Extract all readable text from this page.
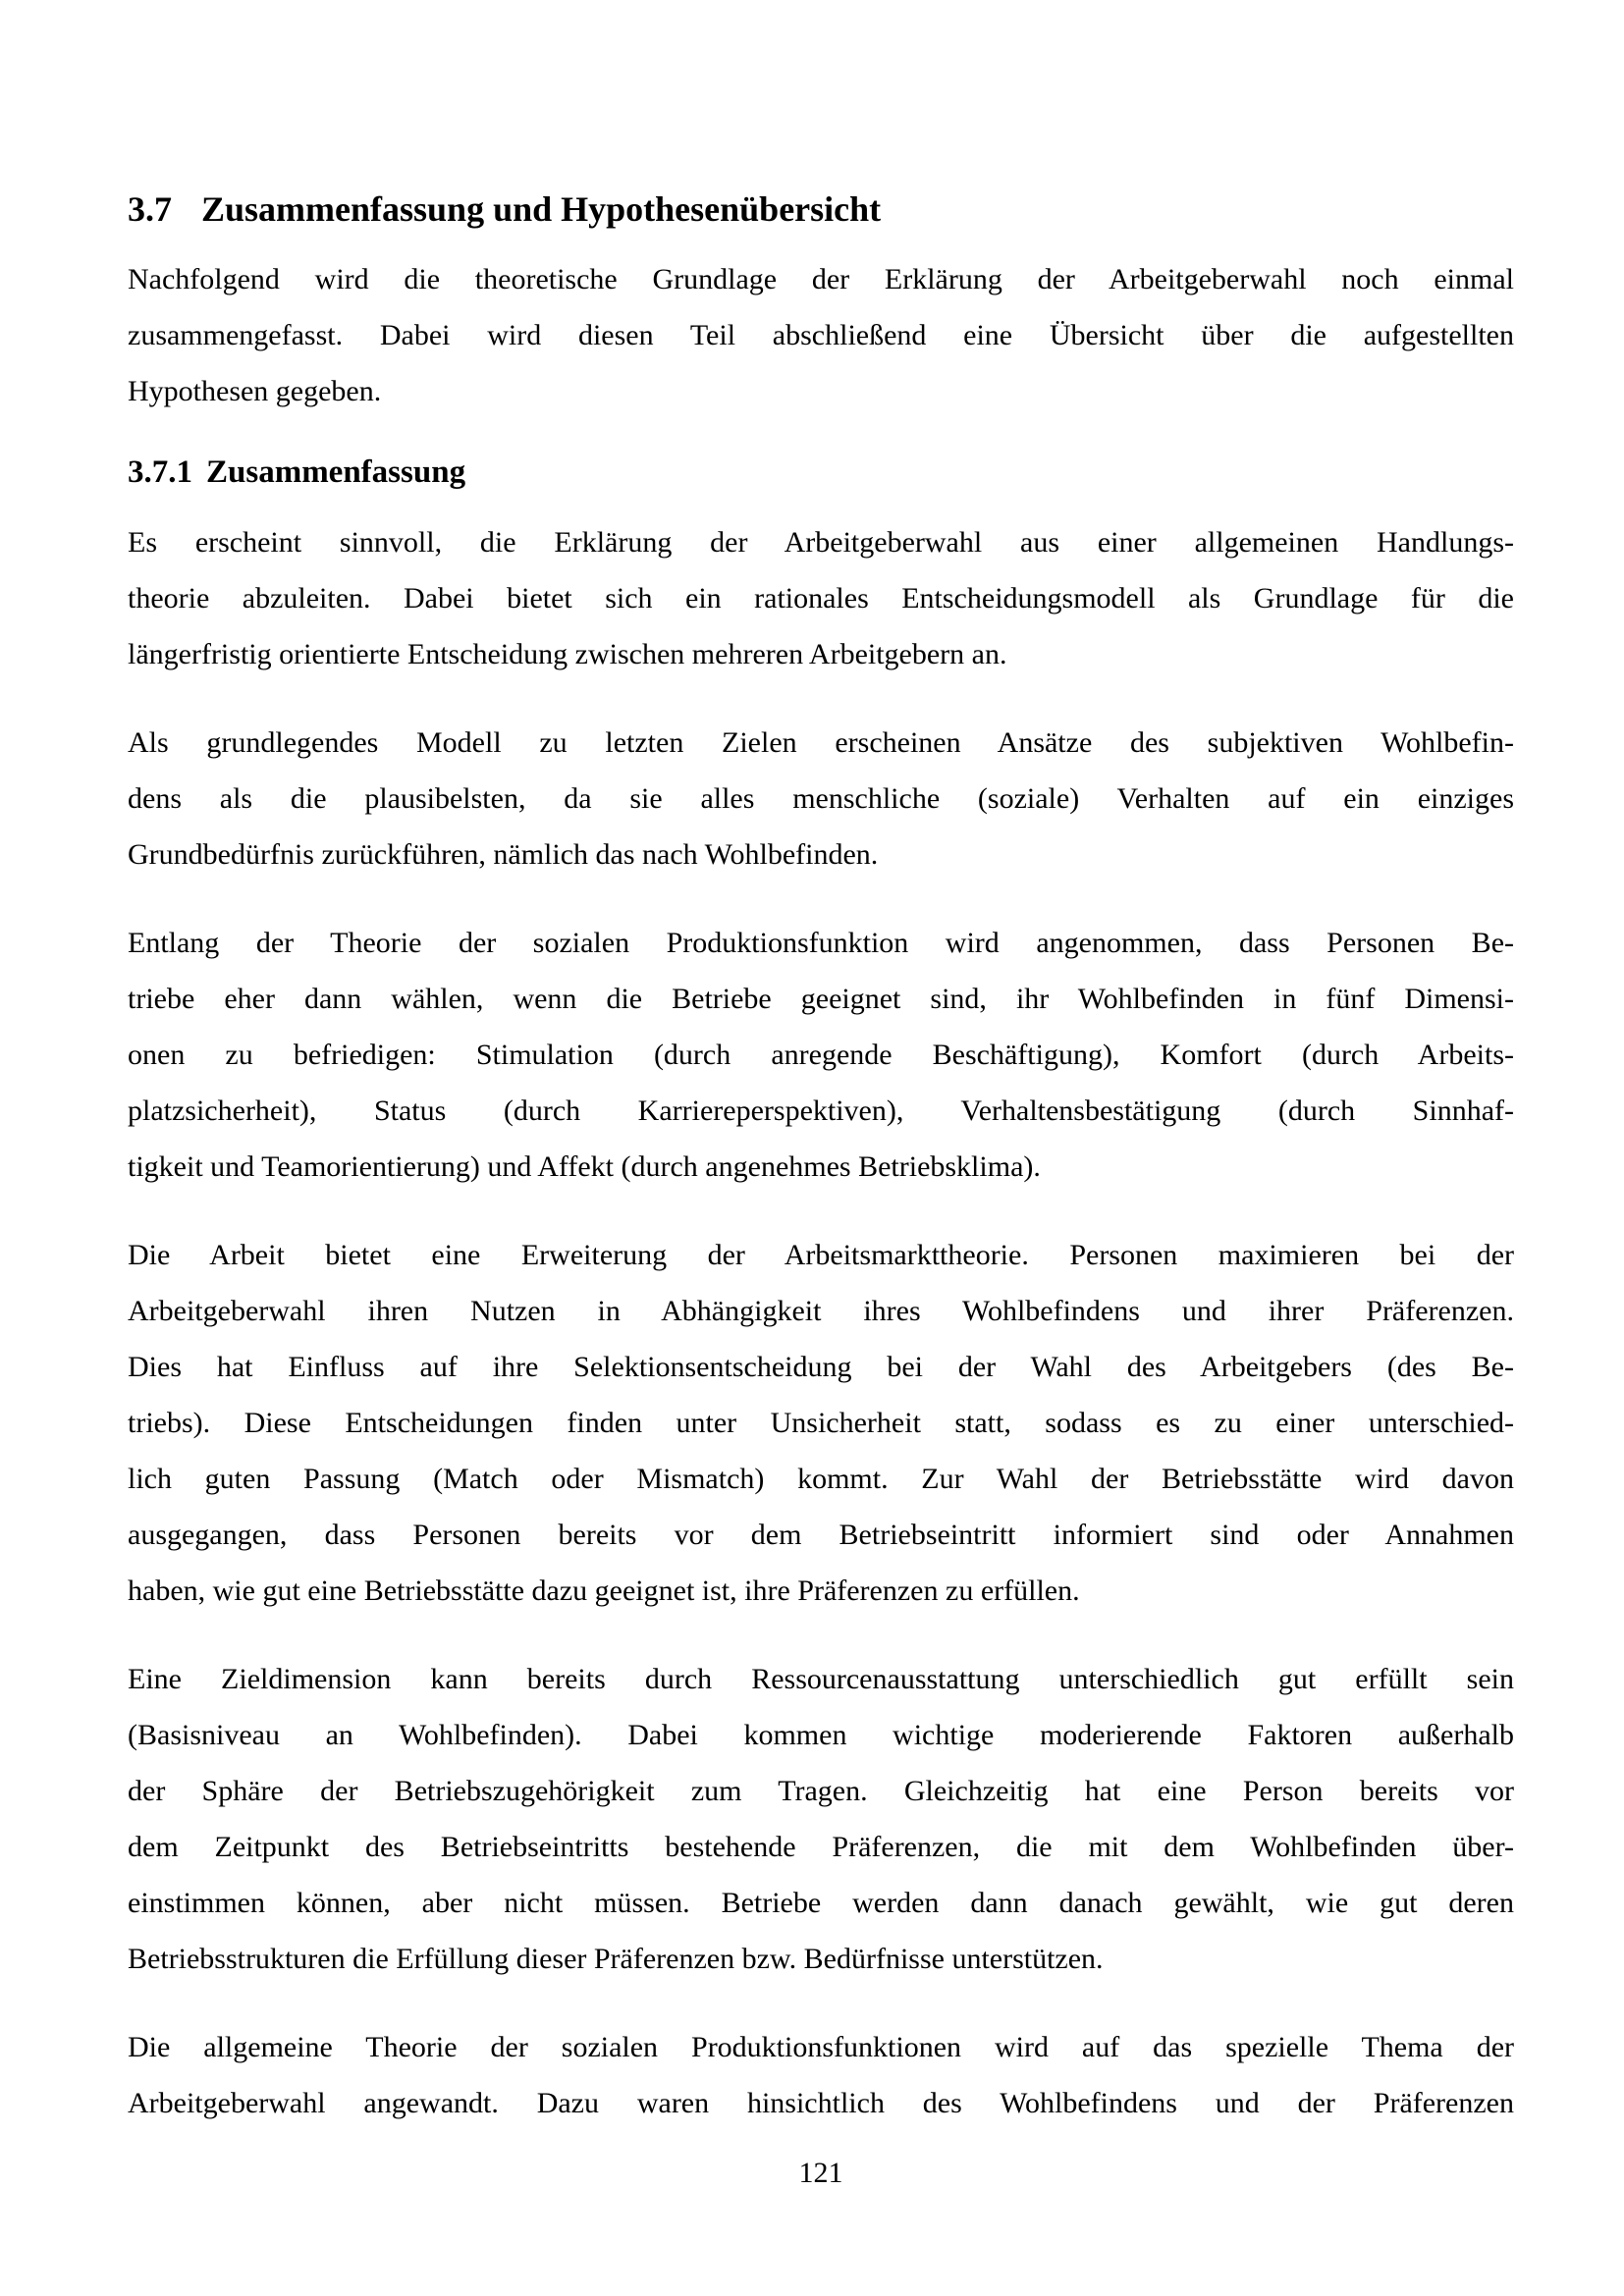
3.7 Zusammenfassung und Hypothesenübersicht
Nachfolgend wird die theoretische Grundlage der Erklärung der Arbeitgeberwahl noch einmal
zusammengefasst. Dabei wird diesen Teil abschließend eine Übersicht über die aufgestellten
Hypothesen gegeben.
3.7.1 Zusammenfassung
Es erscheint sinnvoll, die Erklärung der Arbeitgeberwahl aus einer allgemeinen Handlungs-
theorie abzuleiten. Dabei bietet sich ein rationales Entscheidungsmodell als Grundlage für die
längerfristig orientierte Entscheidung zwischen mehreren Arbeitgebern an.
Als grundlegendes Modell zu letzten Zielen erscheinen Ansätze des subjektiven Wohlbefin-
dens als die plausibelsten, da sie alles menschliche (soziale) Verhalten auf ein einziges
Grundbedürfnis zurückführen, nämlich das nach Wohlbefinden.
Entlang der Theorie der sozialen Produktionsfunktion wird angenommen, dass Personen Be-
triebe eher dann wählen, wenn die Betriebe geeignet sind, ihr Wohlbefinden in fünf Dimensi-
onen zu befriedigen: Stimulation (durch anregende Beschäftigung), Komfort (durch Arbeits-
platzsicherheit), Status (durch Karriereperspektiven), Verhaltensbestätigung (durch Sinnhaf-
tigkeit und Teamorientierung) und Affekt (durch angenehmes Betriebsklima).
Die Arbeit bietet eine Erweiterung der Arbeitsmarkttheorie. Personen maximieren bei der
Arbeitgeberwahl ihren Nutzen in Abhängigkeit ihres Wohlbefindens und ihrer Präferenzen.
Dies hat Einfluss auf ihre Selektionsentscheidung bei der Wahl des Arbeitgebers (des Be-
triebs). Diese Entscheidungen finden unter Unsicherheit statt, sodass es zu einer unterschied-
lich guten Passung (Match oder Mismatch) kommt. Zur Wahl der Betriebsstätte wird davon
ausgegangen, dass Personen bereits vor dem Betriebseintritt informiert sind oder Annahmen
haben, wie gut eine Betriebsstätte dazu geeignet ist, ihre Präferenzen zu erfüllen.
Eine Zieldimension kann bereits durch Ressourcenausstattung unterschiedlich gut erfüllt sein
(Basisniveau an Wohlbefinden). Dabei kommen wichtige moderierende Faktoren außerhalb
der Sphäre der Betriebszugehörigkeit zum Tragen. Gleichzeitig hat eine Person bereits vor
dem Zeitpunkt des Betriebseintritts bestehende Präferenzen, die mit dem Wohlbefinden über-
einstimmen können, aber nicht müssen. Betriebe werden dann danach gewählt, wie gut deren
Betriebsstrukturen die Erfüllung dieser Präferenzen bzw. Bedürfnisse unterstützen.
Die allgemeine Theorie der sozialen Produktionsfunktionen wird auf das spezielle Thema der
Arbeitgeberwahl angewandt. Dazu waren hinsichtlich des Wohlbefindens und der Präferenzen
121
